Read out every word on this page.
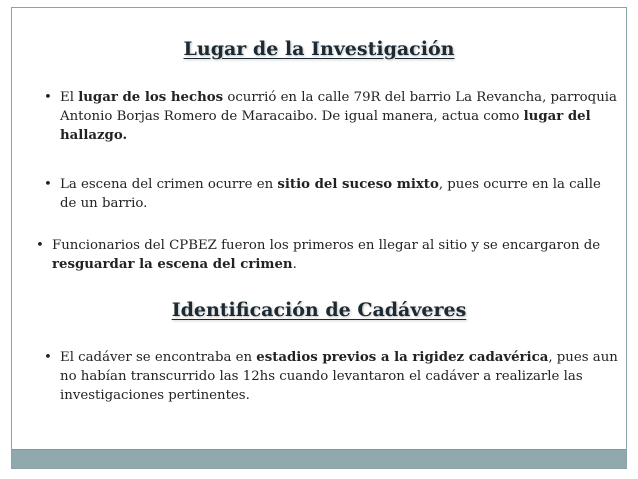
Lugar de la Investigación
• El lugar de los hechos ocurrió en la calle 79R del barrio La Revancha, parroquia Antonio Borjas Romero de Maracaibo. De igual manera, actua como lugar del hallazgo.
• La escena del crimen ocurre en sitio del suceso mixto, pues ocurre en la calle de un barrio.
• Funcionarios del CPBEZ fueron los primeros en llegar al sitio y se encargaron de resguardar la escena del crimen.
Identificación de Cadáveres
• El cadáver se encontraba en estadios previos a la rigidez cadavérica, pues aun no habían transcurrido las 12hs cuando levantaron el cadáver a realizarle las investigaciones pertinentes.
